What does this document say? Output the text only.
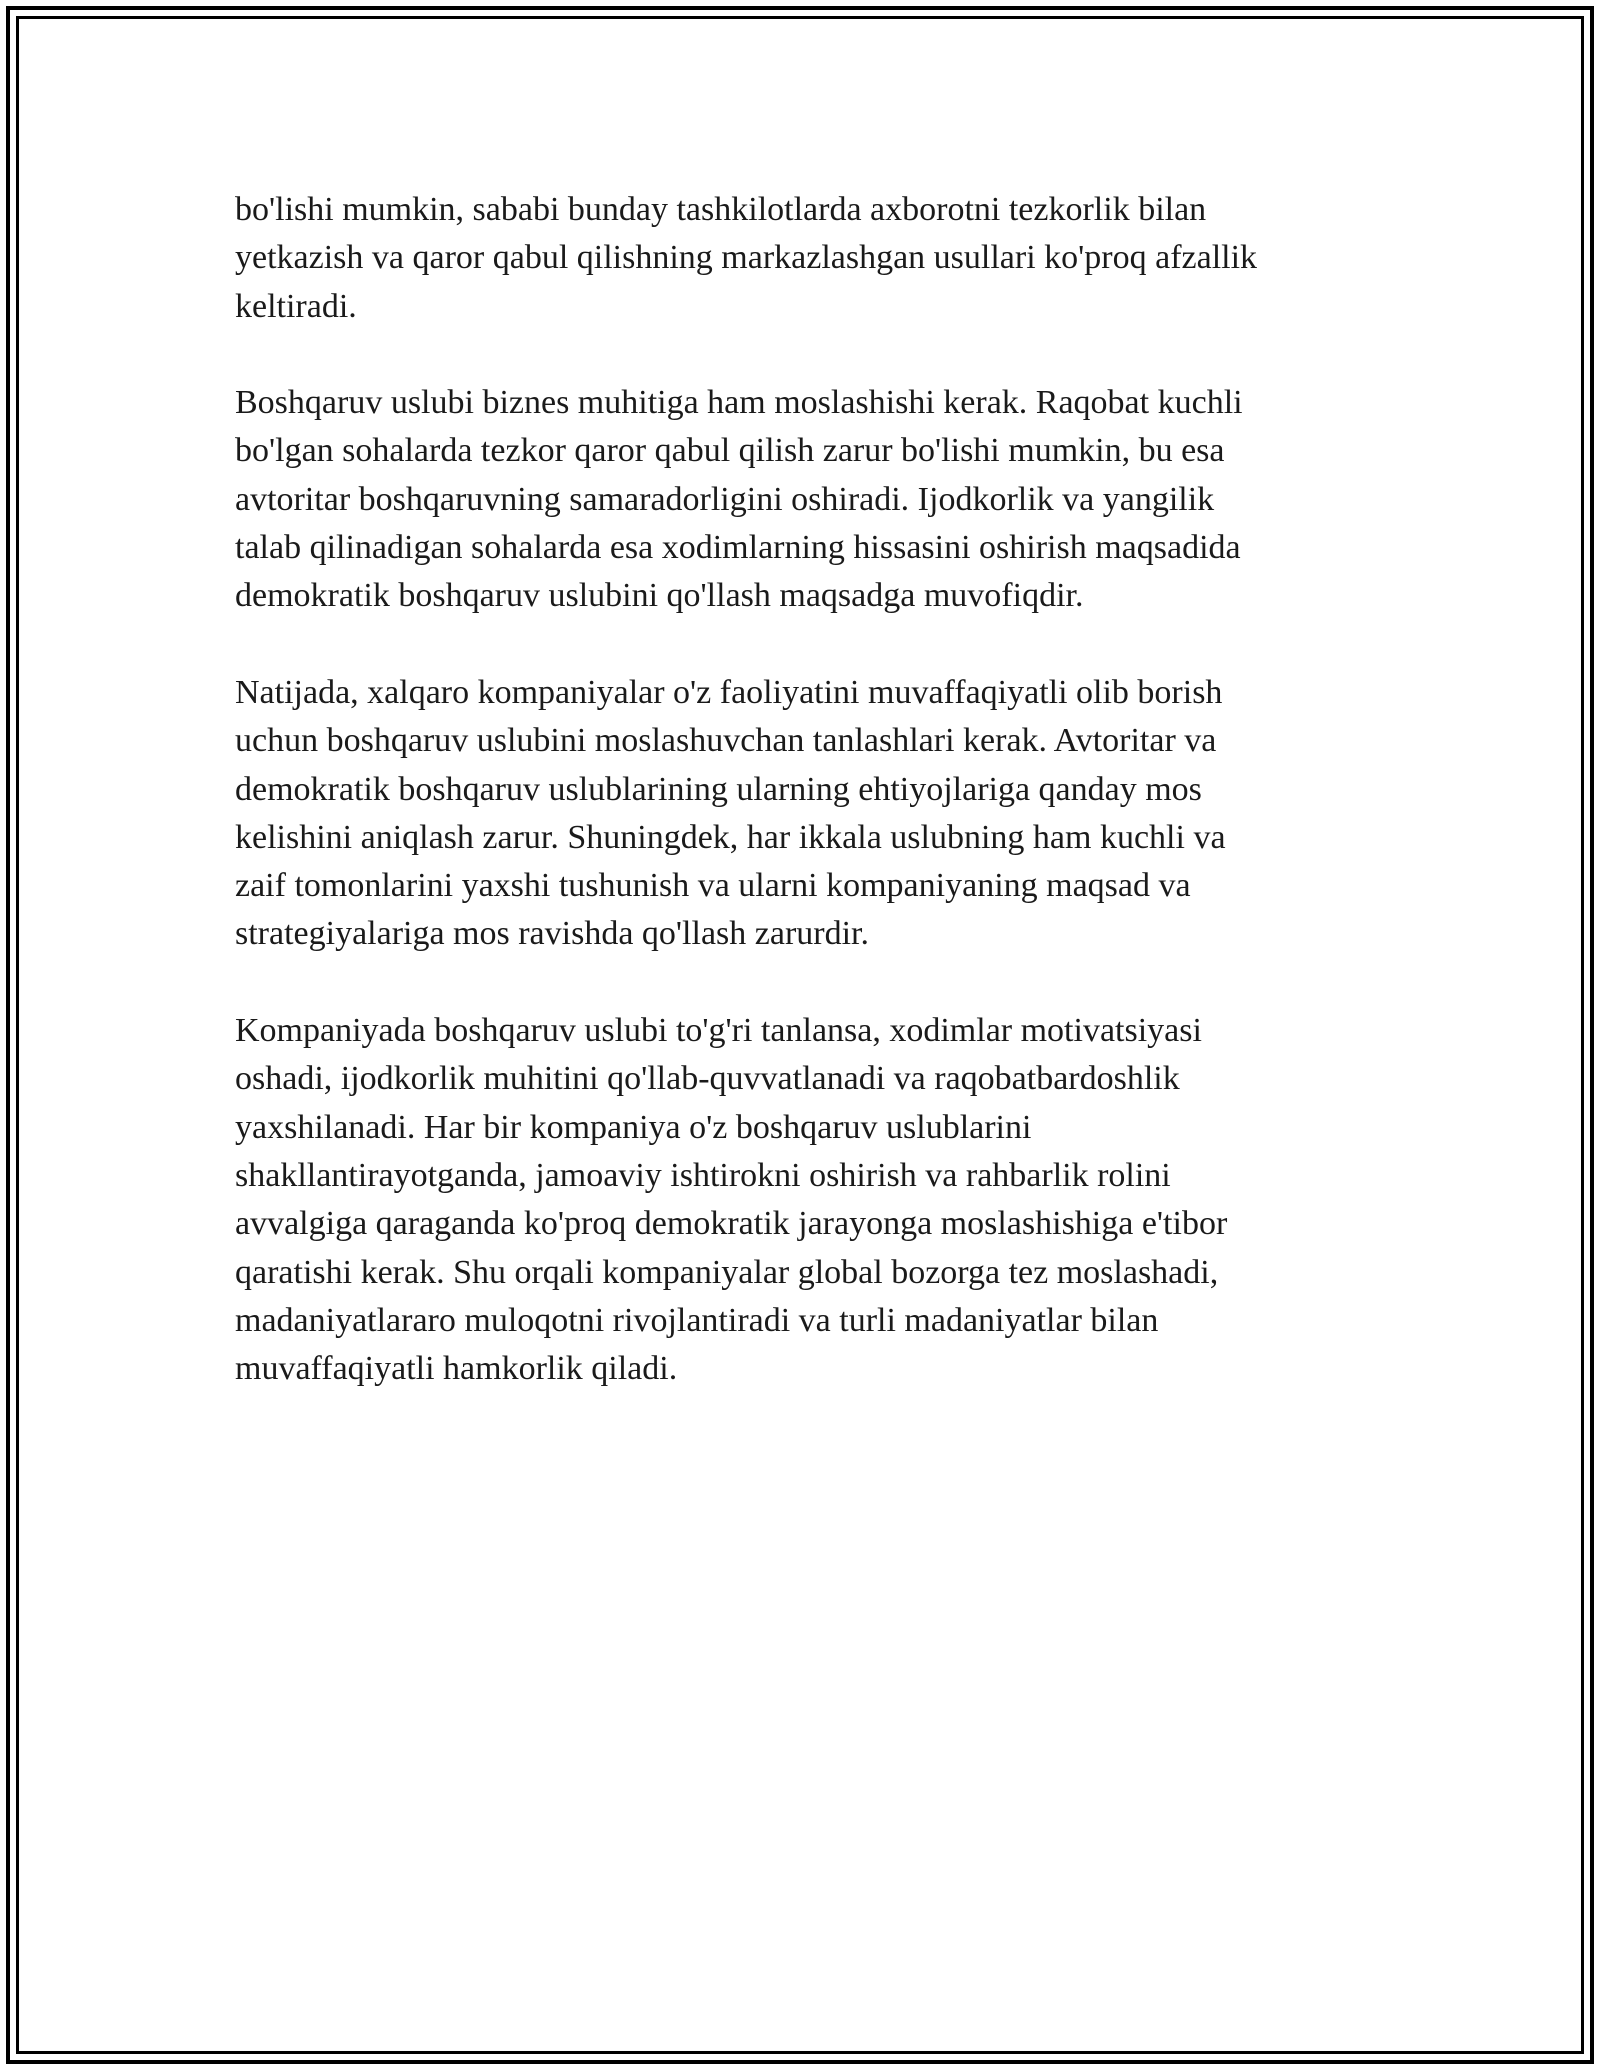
bo'lishi mumkin, sababi bunday tashkilotlarda axborotni tezkorlik bilan
yetkazish va qaror qabul qilishning markazlashgan usullari ko'proq afzallik
keltiradi.

Boshqaruv uslubi biznes muhitiga ham moslashishi kerak. Raqobat kuchli
bo'lgan sohalarda tezkor qaror qabul qilish zarur bo'lishi mumkin, bu esa
avtoritar boshqaruvning samaradorligini oshiradi. Ijodkorlik va yangilik
talab qilinadigan sohalarda esa xodimlarning hissasini oshirish maqsadida
demokratik boshqaruv uslubini qo'llash maqsadga muvofiqdir.

Natijada, xalqaro kompaniyalar o'z faoliyatini muvaffaqiyatli olib borish
uchun boshqaruv uslubini moslashuvchan tanlashlari kerak. Avtoritar va
demokratik boshqaruv uslublarining ularning ehtiyojlariga qanday mos
kelishini aniqlash zarur. Shuningdek, har ikkala uslubning ham kuchli va
zaif tomonlarini yaxshi tushunish va ularni kompaniyaning maqsad va
strategiyalariga mos ravishda qo'llash zarurdir.

Kompaniyada boshqaruv uslubi to'g'ri tanlansa, xodimlar motivatsiyasi
oshadi, ijodkorlik muhitini qo'llab-quvvatlanadi va raqobatbardoshlik
yaxshilanadi. Har bir kompaniya o'z boshqaruv uslublarini
shakllantirayotganda, jamoaviy ishtirokni oshirish va rahbarlik rolini
avvalgiga qaraganda ko'proq demokratik jarayonga moslashishiga e'tibor
qaratishi kerak. Shu orqali kompaniyalar global bozorga tez moslashadi,
madaniyatlararo muloqotni rivojlantiradi va turli madaniyatlar bilan
muvaffaqiyatli hamkorlik qiladi.
